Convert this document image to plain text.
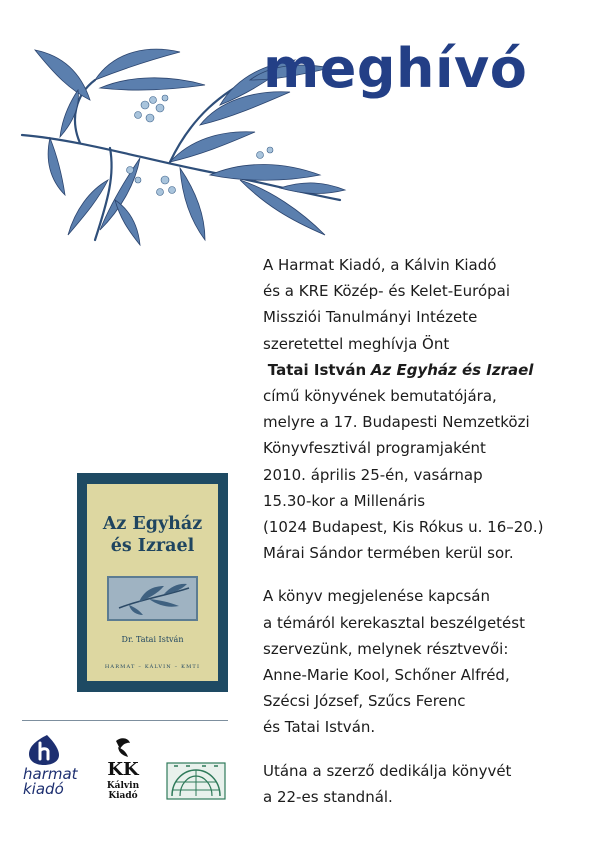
meghívó

A Harmat Kiadó, a Kálvin Kiadó
és a KRE Közép- és Kelet-Európai
Missziói Tanulmányi Intézete
szeretettel meghívja Önt
Tatai István Az Egyház és Izrael
című könyvének bemutatójára,
melyre a 17. Budapesti Nemzetközi
Könyvfesztivál programjaként
2010. április 25-én, vasárnap
15.30-kor a Millenáris
(1024 Budapest, Kis Rókus u. 16–20.)
Márai Sándor termében kerül sor.

A könyv megjelenése kapcsán
a témáról kerekasztal beszélgetést
szervezünk, melynek résztvevői:
Anne-Marie Kool, Schőner Alfréd,
Szécsi József, Szűcs Ferenc
és Tatai István.

Utána a szerző dedikálja könyvét
a 22-es standnál.

Az Egyház
és Izrael
Dr. Tatai István
HARMAT – KÁLVIN – KMTI
harmat
kiadó
KK
Kálvin
Kiadó
